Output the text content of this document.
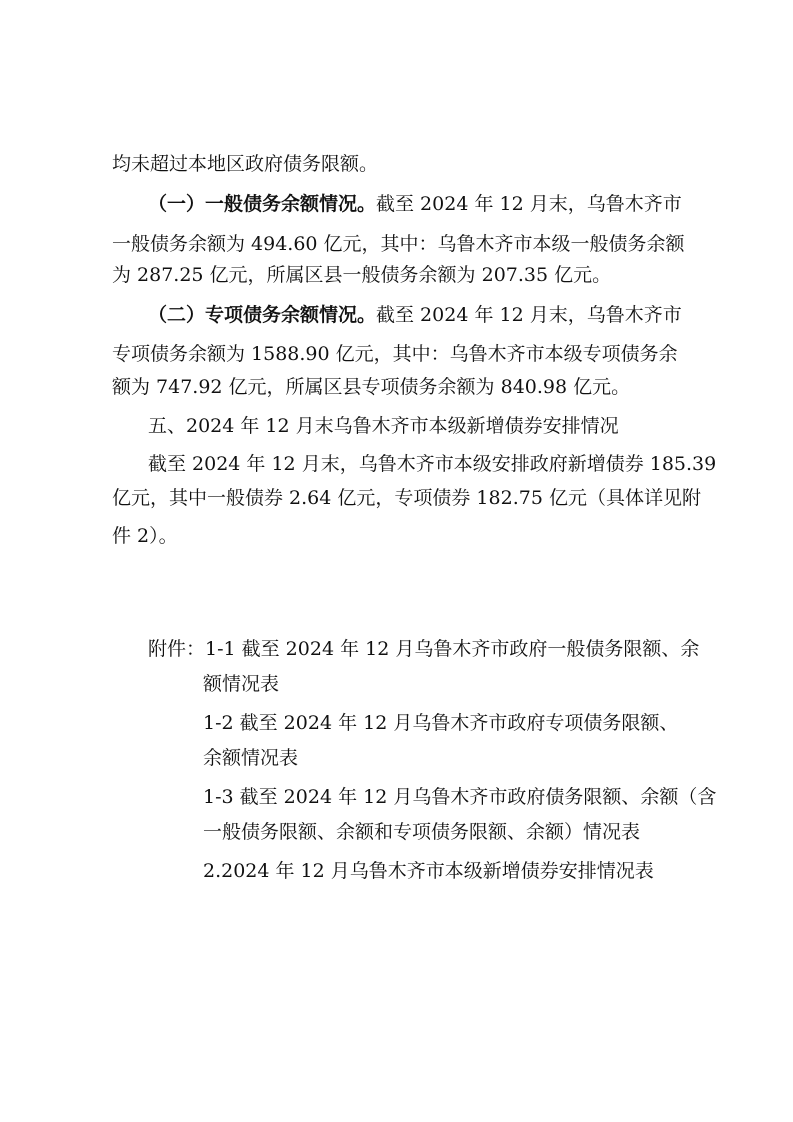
均未超过本地区政府债务限额。
（一）一般债务余额情况。截至 2024 年 12 月末，乌鲁木齐市
一般债务余额为 494.60 亿元，其中：乌鲁木齐市本级一般债务余额
为 287.25 亿元，所属区县一般债务余额为 207.35 亿元。
（二）专项债务余额情况。截至 2024 年 12 月末，乌鲁木齐市
专项债务余额为 1588.90 亿元，其中：乌鲁木齐市本级专项债务余
额为 747.92 亿元，所属区县专项债务余额为 840.98 亿元。
五、2024 年 12 月末乌鲁木齐市本级新增债券安排情况
截至 2024 年 12 月末，乌鲁木齐市本级安排政府新增债券 185.39
亿元，其中一般债券 2.64 亿元，专项债券 182.75 亿元（具体详见附
件 2）。
附件：1-1 截至 2024 年 12 月乌鲁木齐市政府一般债务限额、余
额情况表
1-2 截至 2024 年 12 月乌鲁木齐市政府专项债务限额、
余额情况表
1-3 截至 2024 年 12 月乌鲁木齐市政府债务限额、余额（含
一般债务限额、余额和专项债务限额、余额）情况表
2.2024 年 12 月乌鲁木齐市本级新增债券安排情况表
